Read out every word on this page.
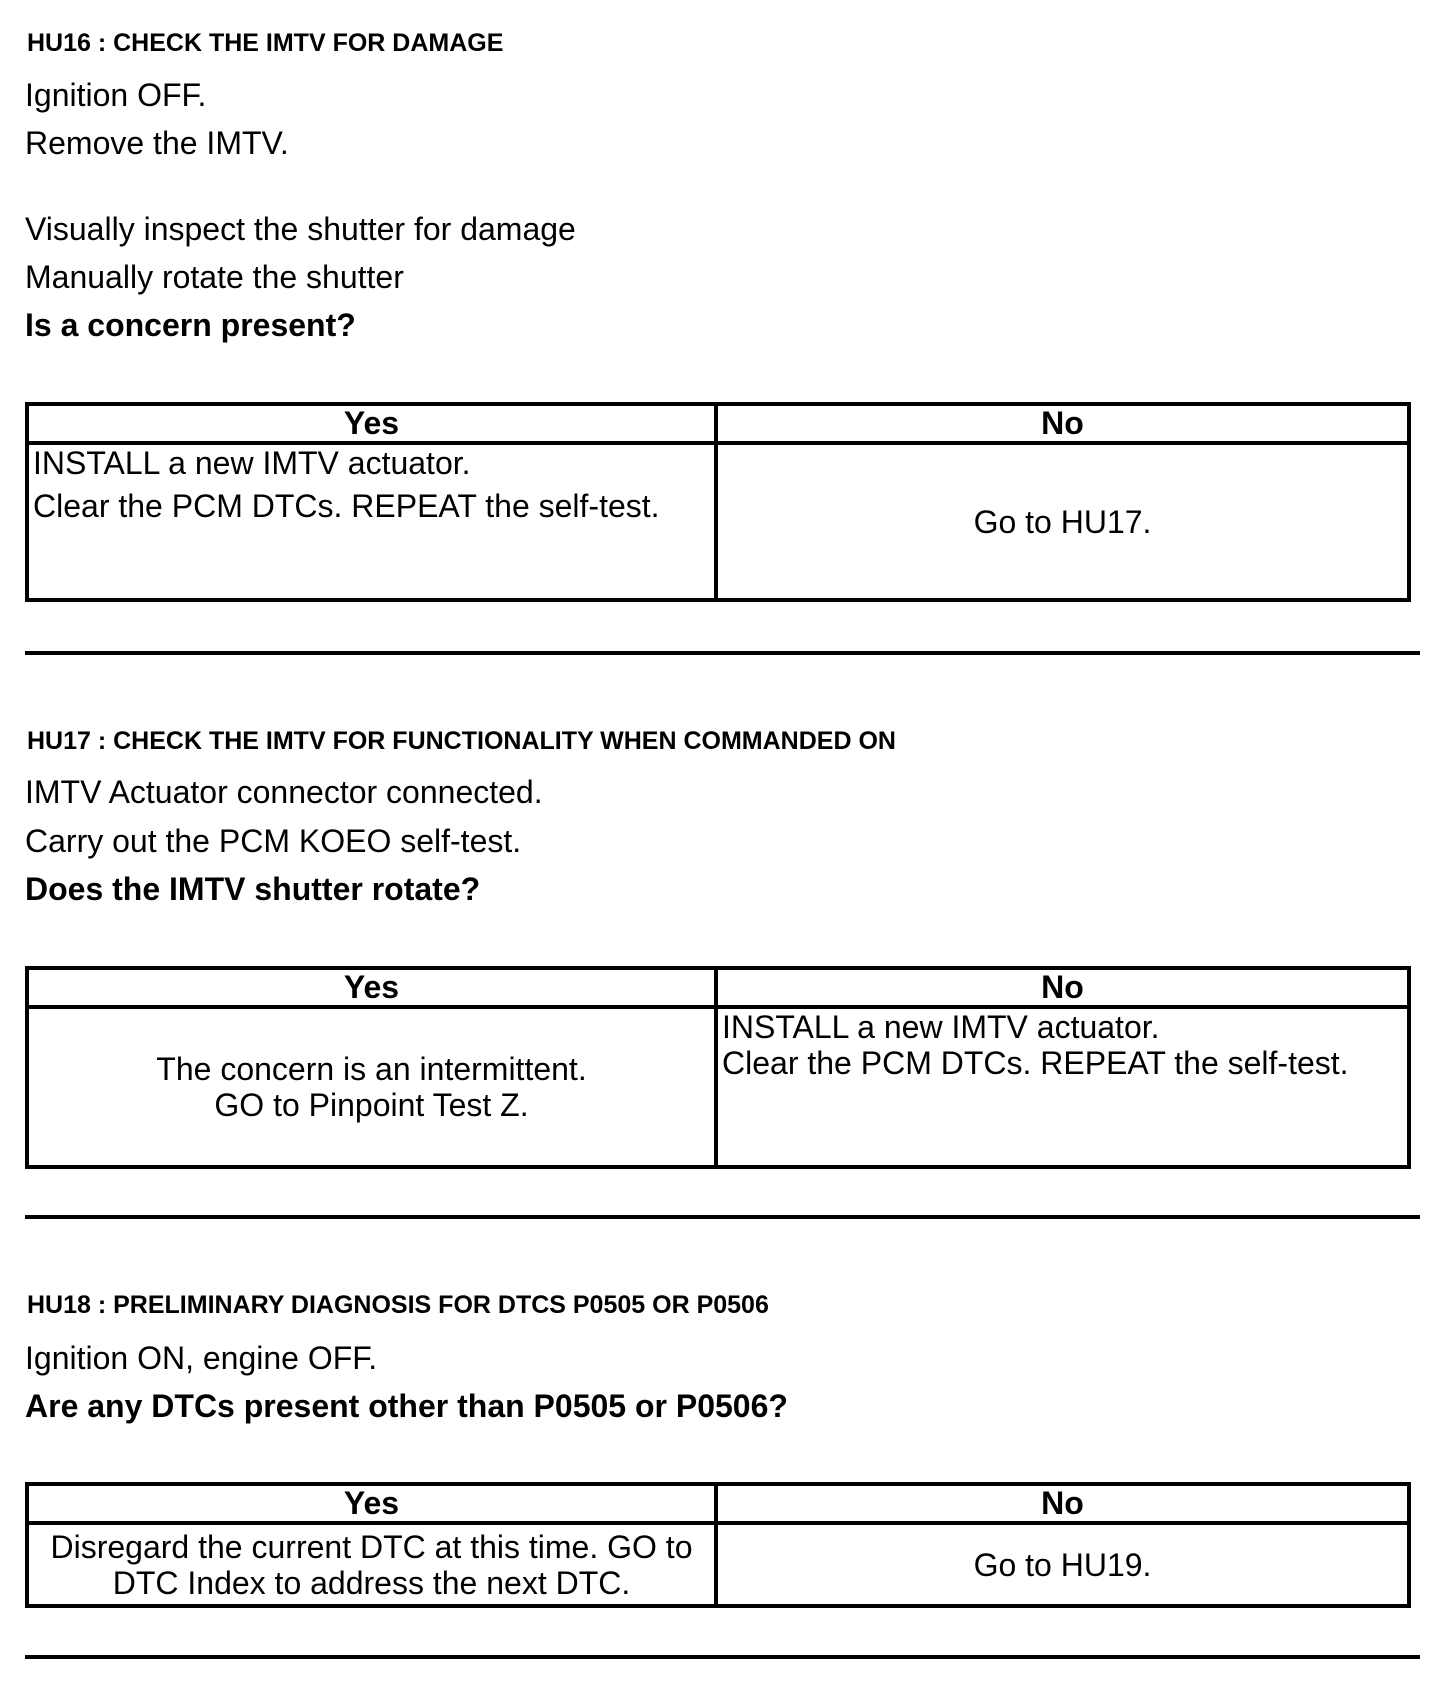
HU16 : CHECK THE IMTV FOR DAMAGE
Ignition OFF.
Remove the IMTV.
Visually inspect the shutter for damage
Manually rotate the shutter
Is a concern present?
Yes	No

INSTALL a new IMTV actuator.
Clear the PCM DTCs. REPEAT the self-test.	Go to HU17.
HU17 : CHECK THE IMTV FOR FUNCTIONALITY WHEN COMMANDED ON
IMTV Actuator connector connected.
Carry out the PCM KOEO self-test.
Does the IMTV shutter rotate?
Yes	No

The concern is an intermittent.
GO to Pinpoint Test Z.	INSTALL a new IMTV actuator.
Clear the PCM DTCs. REPEAT the self-test.
HU18 : PRELIMINARY DIAGNOSIS FOR DTCS P0505 OR P0506
Ignition ON, engine OFF.
Are any DTCs present other than P0505 or P0506?
Yes	No

Disregard the current DTC at this time. GO to
DTC Index to address the next DTC.	Go to HU19.
